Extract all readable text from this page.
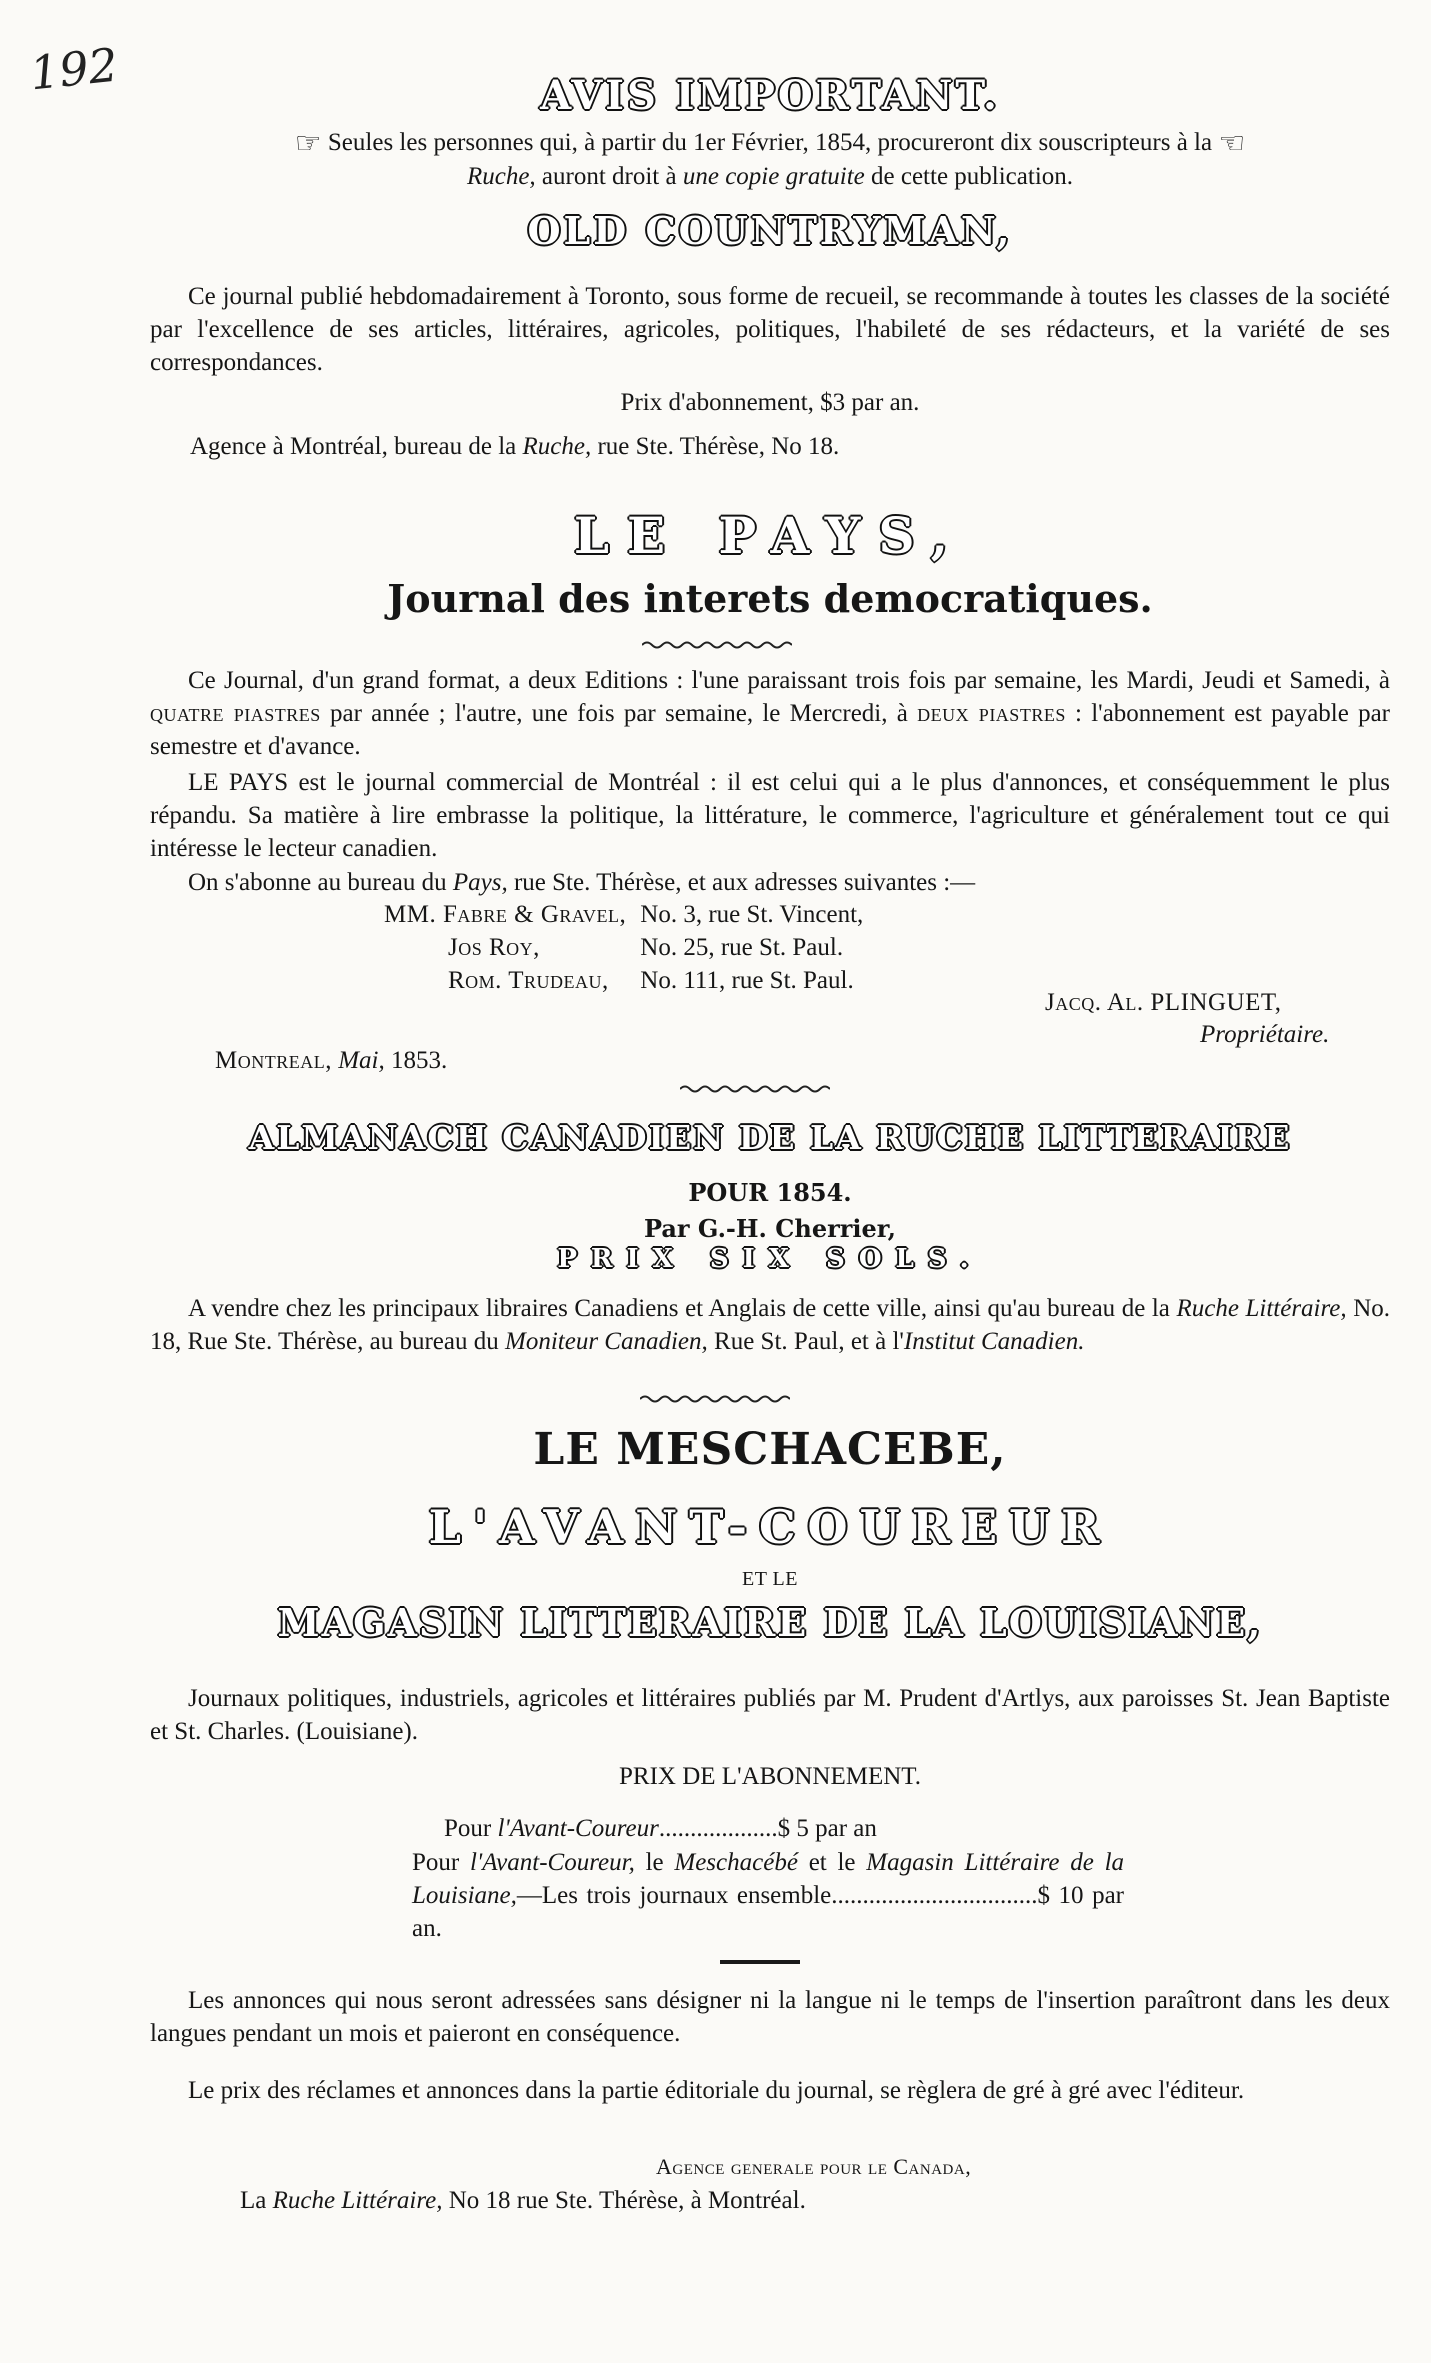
192	AVIS IMPORTANT.

☞ Seules les personnes qui, à partir du 1er Février, 1854, procureront dix souscripteurs à la ☜

Ruche, auront droit à une copie gratuite de cette publication.

OLD COUNTRYMAN,
Ce journal publié hebdomadairement à Toronto, sous forme de recueil, se recommande à toutes les classes de la société par l'excellence de ses articles, littéraires, agricoles, politiques, l'habileté de ses rédacteurs, et la variété de ses correspondances.
Prix d'abonnement, $3 par an.
Agence à Montréal, bureau de la Ruche, rue Ste. Thérèse, No 18.
LE PAYS,
Journal des interets democratiques.
Ce Journal, d'un grand format, a deux Editions : l'une paraissant trois fois par semaine, les Mardi, Jeudi et Samedi, à quatre piastres par année ; l'autre, une fois par semaine, le Mercredi, à deux piastres : l'abonnement est payable par semestre et d'avance.
LE PAYS est le journal commercial de Montréal : il est celui qui a le plus d'annonces, et conséquemment le plus répandu. Sa matière à lire embrasse la politique, la littérature, le commerce, l'agriculture et généralement tout ce qui intéresse le lecteur canadien.
On s'abonne au bureau du Pays, rue Ste. Thérèse, et aux adresses suivantes :—
MM. Fabre & Gravel,	No. 3, rue St. Vincent,
Jos Roy,	No. 25, rue St. Paul.
Rom. Trudeau,	No. 111, rue St. Paul.
Jacq. Al. PLINGUET,
Propriétaire.
Montreal, Mai, 1853.
ALMANACH CANADIEN DE LA RUCHE LITTERAIRE
POUR 1854.
Par G.-H. Cherrier,
PRIX SIX SOLS.
A vendre chez les principaux libraires Canadiens et Anglais de cette ville, ainsi qu'au bureau de la Ruche Littéraire, No. 18, Rue Ste. Thérèse, au bureau du Moniteur Canadien, Rue St. Paul, et à l'Institut Canadien.
LE MESCHACEBE,
L'AVANT-COUREUR
ET LE
MAGASIN LITTERAIRE DE LA LOUISIANE,
Journaux politiques, industriels, agricoles et littéraires publiés par M. Prudent d'Artlys, aux paroisses St. Jean Baptiste et St. Charles. (Louisiane).
PRIX DE L'ABONNEMENT.
Pour l'Avant-Coureur...................$ 5 par an
Pour l'Avant-Coureur, le Meschacébé et le Magasin Littéraire de la Louisiane,—Les trois journaux ensemble.................................$ 10 par an.
Les annonces qui nous seront adressées sans désigner ni la langue ni le temps de l'insertion paraîtront dans les deux langues pendant un mois et paieront en conséquence.
Le prix des réclames et annonces dans la partie éditoriale du journal, se règlera de gré à gré avec l'éditeur.
Agence generale pour le Canada,
La Ruche Littéraire, No 18 rue Ste. Thérèse, à Montréal.
